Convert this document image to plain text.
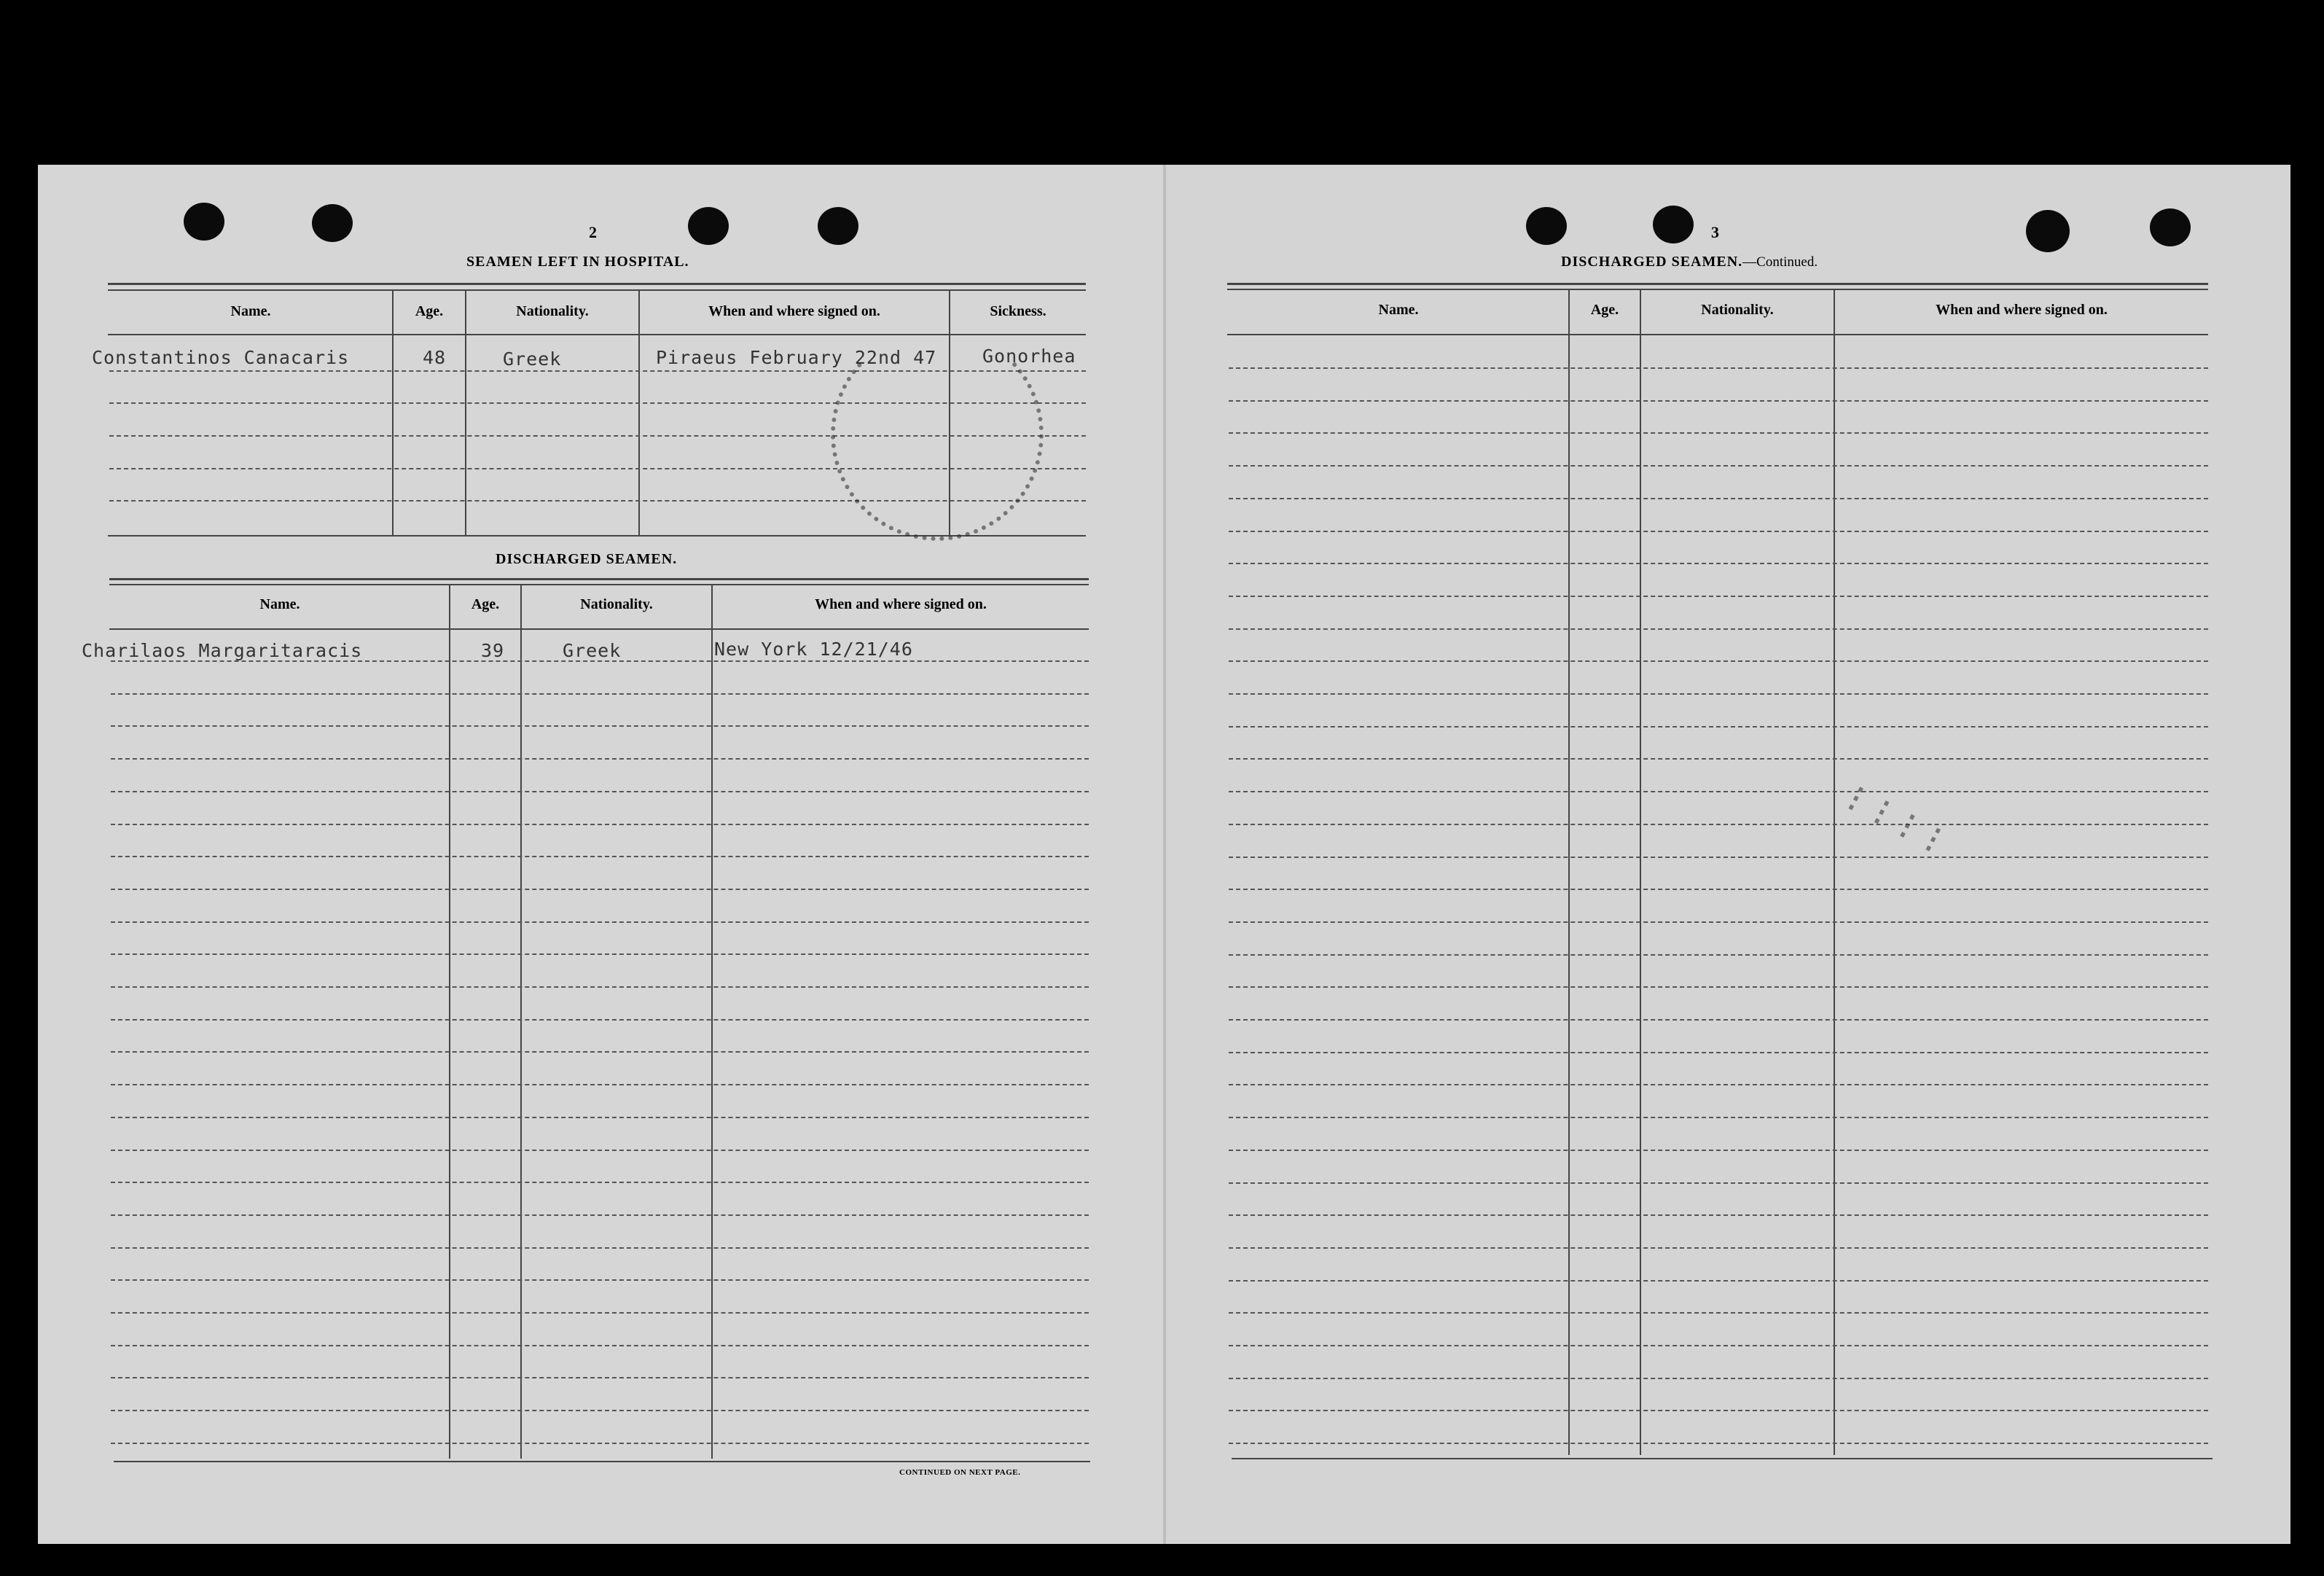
2
SEAMEN LEFT IN HOSPITAL.
Name.	Age.	Nationality.	When and where signed on.	Sickness.
Constantinos Canacaris	48	Greek	Piraeus February 22nd 47	Gonorhea
DISCHARGED SEAMEN.
Name.	Age.	Nationality.	When and where signed on.
Charilaos Margaritaracis	39	Greek	New York 12/21/46
CONTINUED ON NEXT PAGE.
3
DISCHARGED SEAMEN.—Continued.
Name.	Age.	Nationality.	When and where signed on.
⋮⋮⋮⋮
